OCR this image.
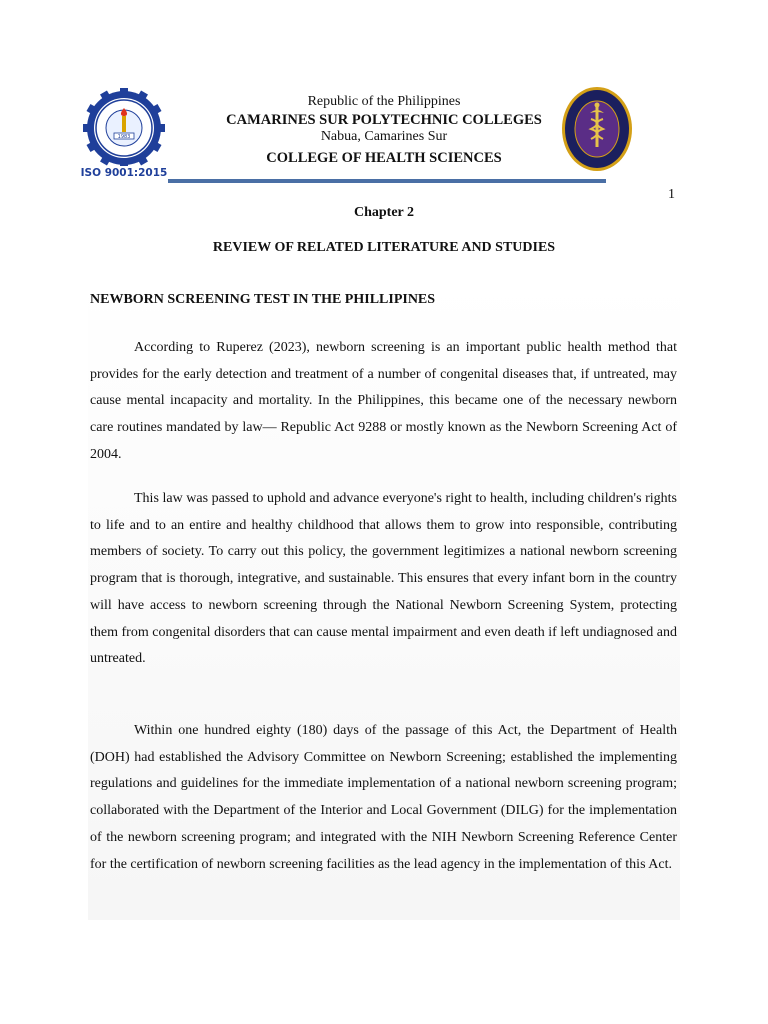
1983
ISO 9001:2015
Republic of the Philippines
CAMARINES SUR POLYTECHNIC COLLEGES
Nabua, Camarines Sur
COLLEGE OF HEALTH SCIENCES
1
Chapter 2
REVIEW OF RELATED LITERATURE AND STUDIES
NEWBORN SCREENING TEST IN THE PHILLIPINES
According to Ruperez (2023), newborn screening is an important public health method that provides for the early detection and treatment of a number of congenital diseases that, if untreated, may cause mental incapacity and mortality. In the Philippines, this became one of the necessary newborn care routines mandated by law— Republic Act 9288 or mostly known as the Newborn Screening Act of 2004.
This law was passed to uphold and advance everyone's right to health, including children's rights to life and to an entire and healthy childhood that allows them to grow into responsible, contributing members of society. To carry out this policy, the government legitimizes a national newborn screening program that is thorough, integrative, and sustainable. This ensures that every infant born in the country will have access to newborn screening through the National Newborn Screening System, protecting them from congenital disorders that can cause mental impairment and even death if left undiagnosed and untreated.
Within one hundred eighty (180) days of the passage of this Act, the Department of Health (DOH) had established the Advisory Committee on Newborn Screening; established the implementing regulations and guidelines for the immediate implementation of a national newborn screening program; collaborated with the Department of the Interior and Local Government (DILG) for the implementation of the newborn screening program; and integrated with the NIH Newborn Screening Reference Center for the certification of newborn screening facilities as the lead agency in the implementation of this Act.
